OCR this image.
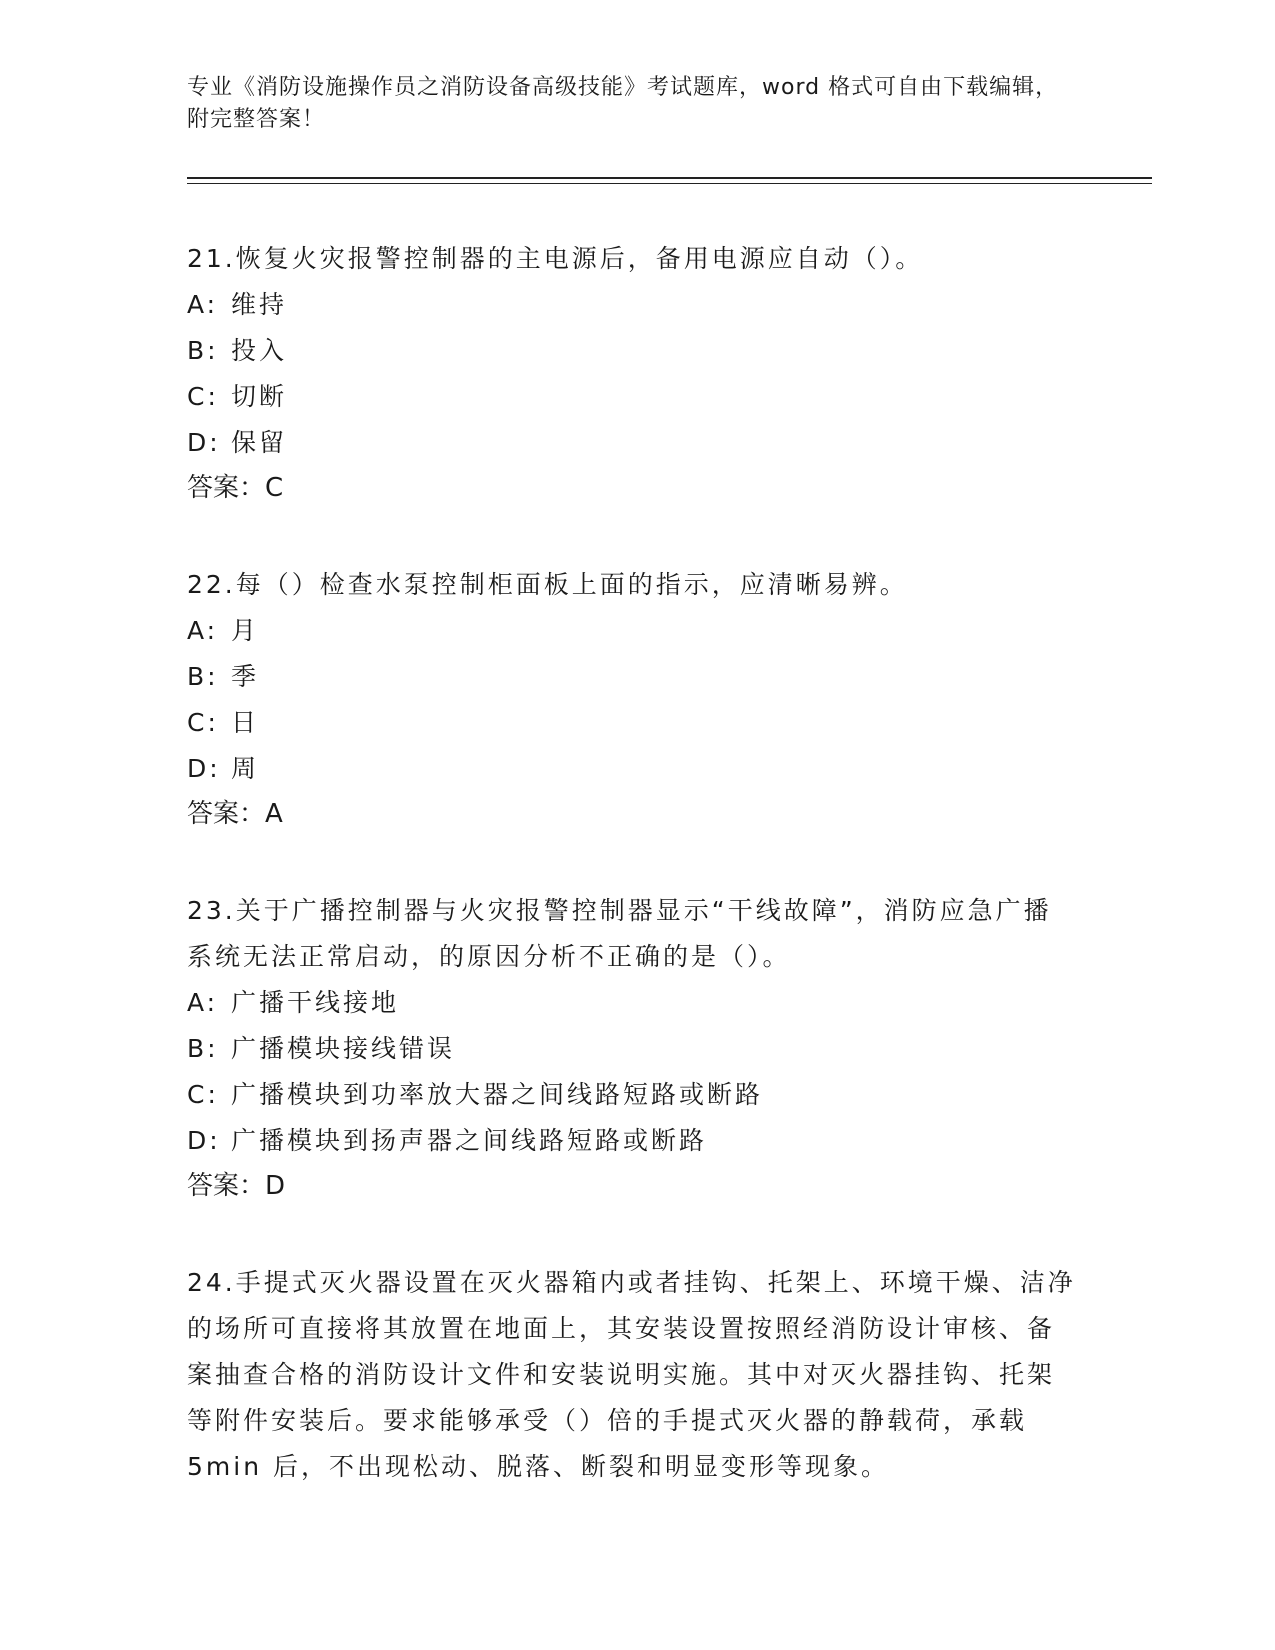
专业《消防设施操作员之消防设备高级技能》考试题库，word 格式可自由下载编辑，附完整答案！

21.恢复火灾报警控制器的主电源后，备用电源应自动（）。

A: 维持

B: 投入

C: 切断

D: 保留

答案：C

22.每（）检查水泵控制柜面板上面的指示，应清晰易辨。

A: 月

B: 季

C: 日

D: 周

答案：A

23.关于广播控制器与火灾报警控制器显示“干线故障”，消防应急广播系统无法正常启动，的原因分析不正确的是（）。

A: 广播干线接地

B: 广播模块接线错误

C: 广播模块到功率放大器之间线路短路或断路

D: 广播模块到扬声器之间线路短路或断路

答案：D

24.手提式灭火器设置在灭火器箱内或者挂钩、托架上、环境干燥、洁净的场所可直接将其放置在地面上，其安装设置按照经消防设计审核、备案抽查合格的消防设计文件和安装说明实施。其中对灭火器挂钩、托架等附件安装后。要求能够承受（）倍的手提式灭火器的静载荷，承载 5min 后，不出现松动、脱落、断裂和明显变形等现象。
